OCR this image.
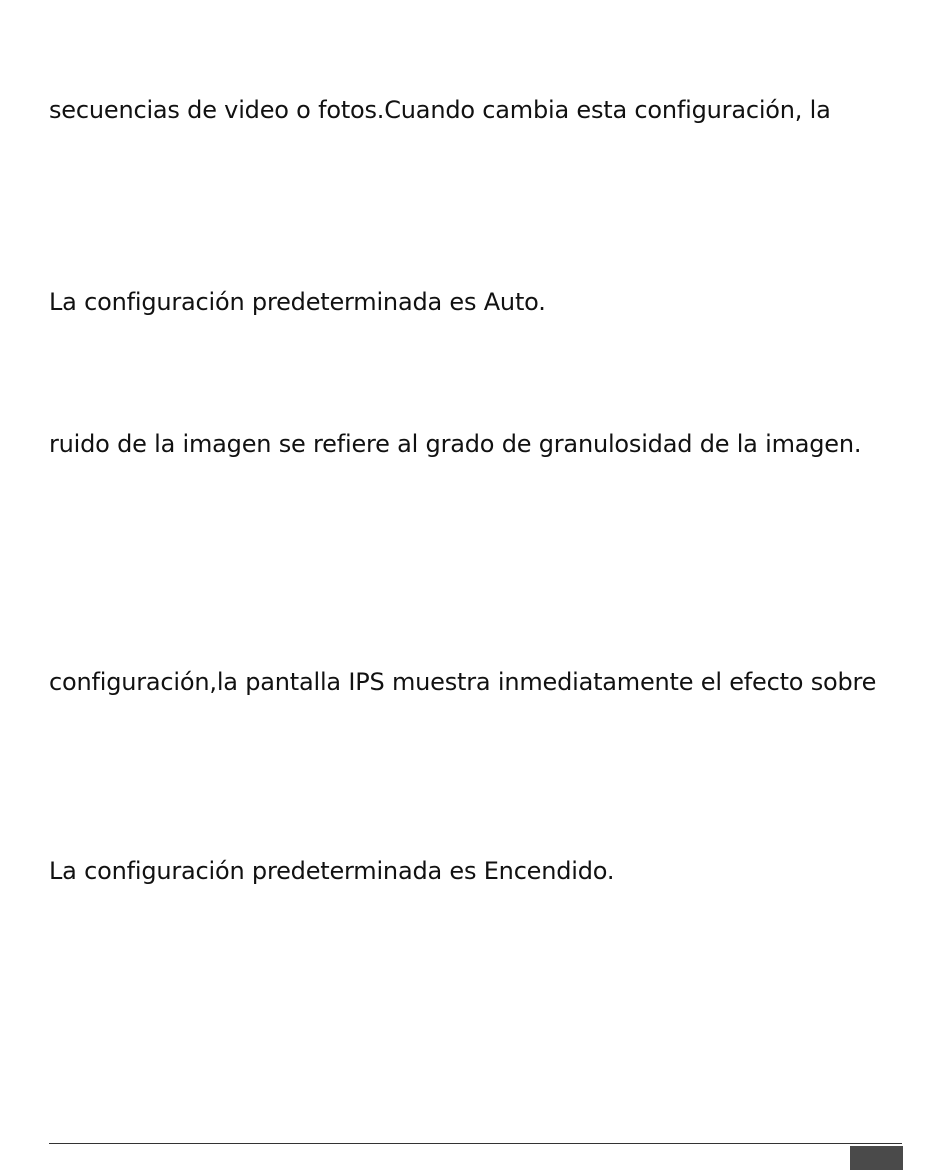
secuencias de video o fotos.Cuando cambia esta configuración, la

La configuración predeterminada es Auto.

ruido de la imagen se refiere al grado de granulosidad de la imagen.

configuración,la pantalla IPS muestra inmediatamente el efecto sobre

La configuración predeterminada es Encendido.
